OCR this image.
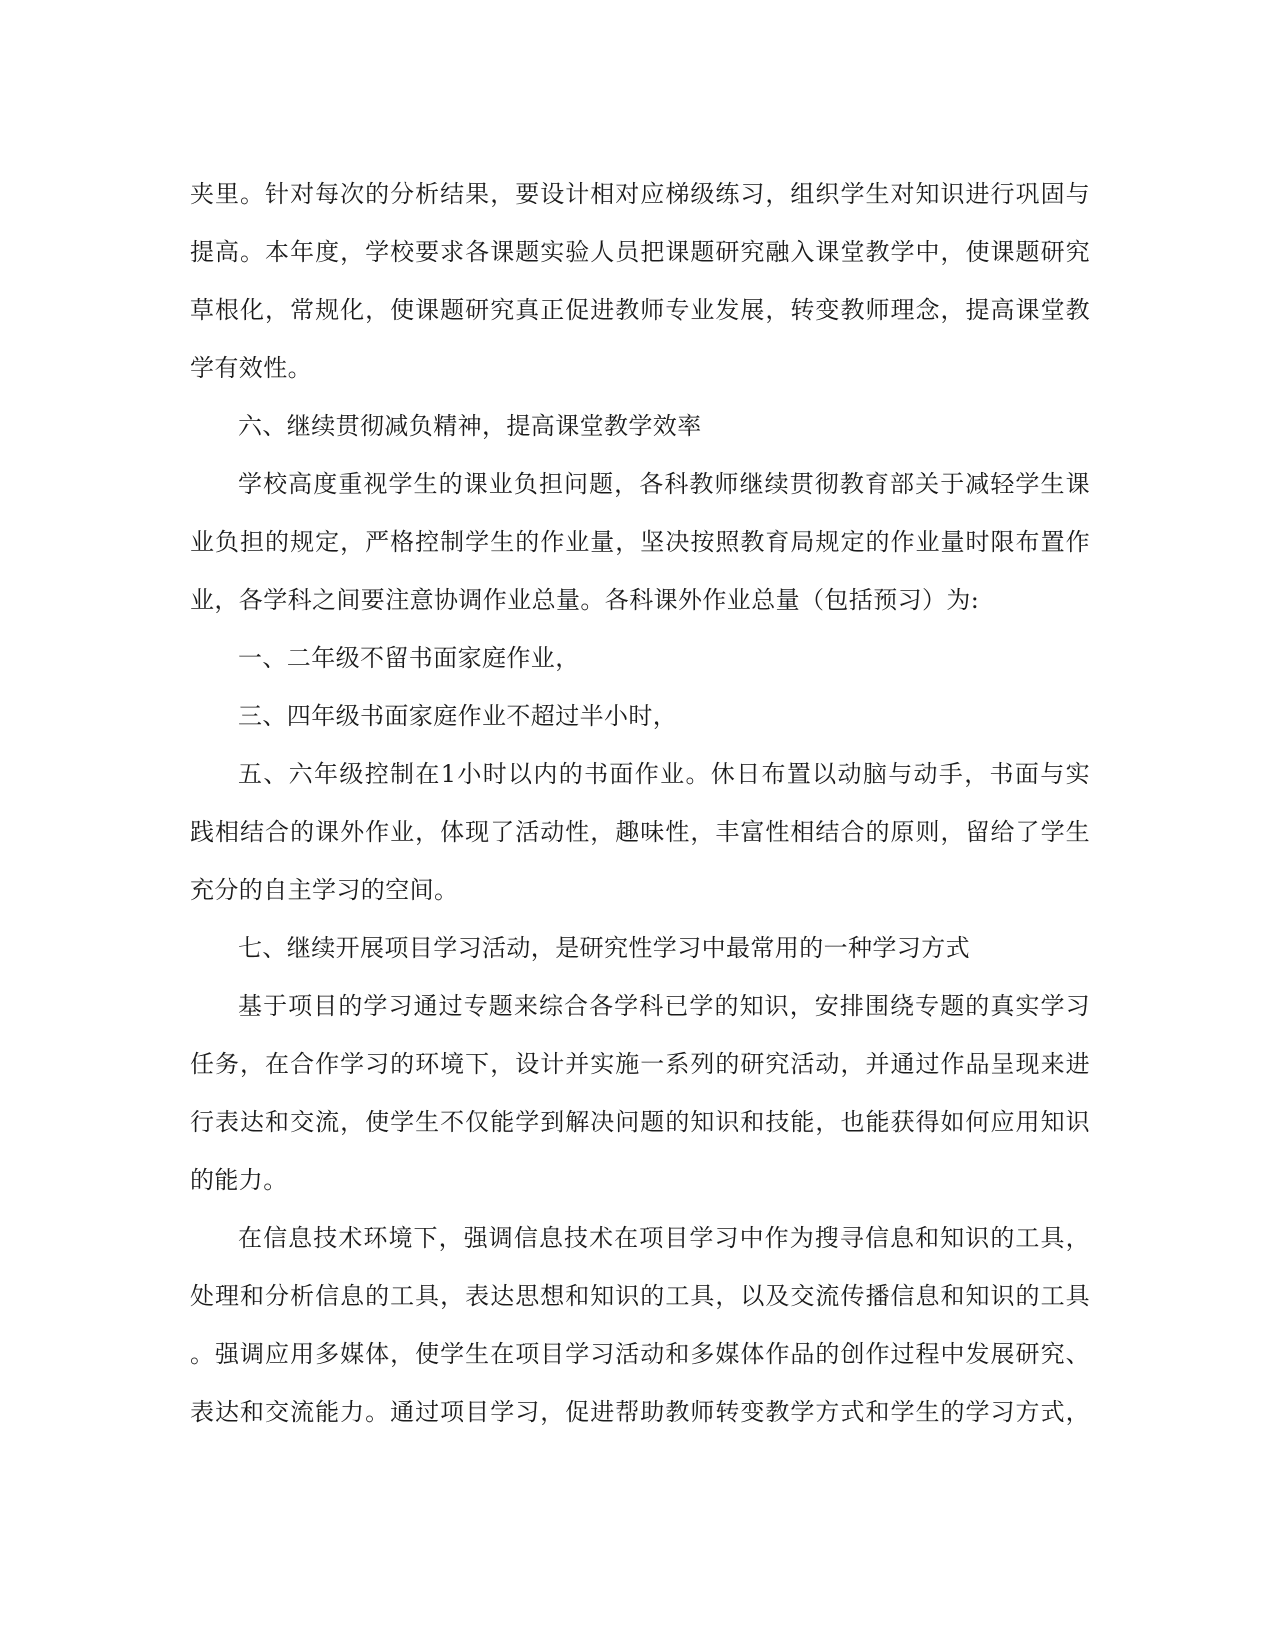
夹里。针对每次的分析结果，要设计相对应梯级练习，组织学生对知识进行巩固与
提高。本年度，学校要求各课题实验人员把课题研究融入课堂教学中，使课题研究
草根化，常规化，使课题研究真正促进教师专业发展，转变教师理念，提高课堂教
学有效性。
六、继续贯彻减负精神，提高课堂教学效率
学校高度重视学生的课业负担问题，各科教师继续贯彻教育部关于减轻学生课
业负担的规定，严格控制学生的作业量，坚决按照教育局规定的作业量时限布置作
业，各学科之间要注意协调作业总量。各科课外作业总量（包括预习）为:
一、二年级不留书面家庭作业，
三、四年级书面家庭作业不超过半小时，
五、六年级控制在1小时以内的书面作业。休日布置以动脑与动手，书面与实
践相结合的课外作业，体现了活动性，趣味性，丰富性相结合的原则，留给了学生
充分的自主学习的空间。
七、继续开展项目学习活动，是研究性学习中最常用的一种学习方式
基于项目的学习通过专题来综合各学科已学的知识，安排围绕专题的真实学习
任务，在合作学习的环境下，设计并实施一系列的研究活动，并通过作品呈现来进
行表达和交流，使学生不仅能学到解决问题的知识和技能，也能获得如何应用知识
的能力。
在信息技术环境下，强调信息技术在项目学习中作为搜寻信息和知识的工具，
处理和分析信息的工具，表达思想和知识的工具，以及交流传播信息和知识的工具
。强调应用多媒体，使学生在项目学习活动和多媒体作品的创作过程中发展研究、
表达和交流能力。通过项目学习，促进帮助教师转变教学方式和学生的学习方式，
